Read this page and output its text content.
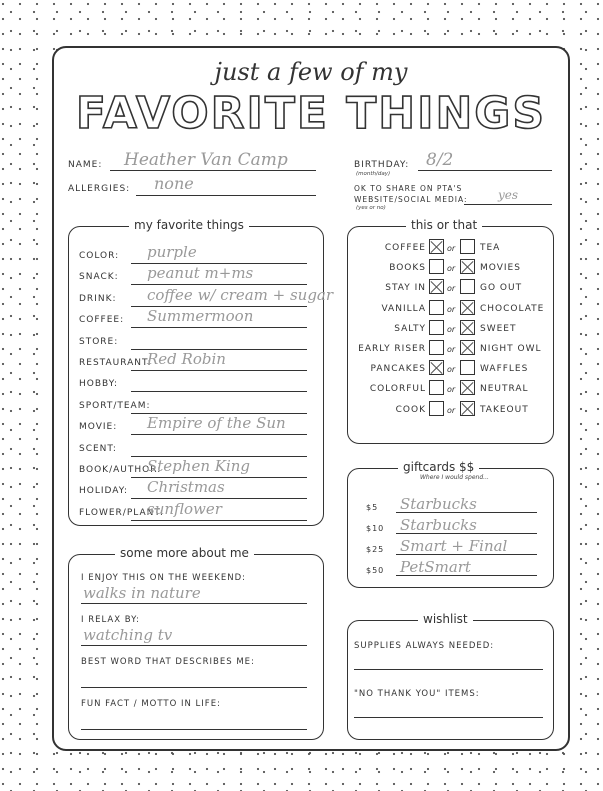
just a few of my
FAVORITE THINGS
NAME: Heather Van Camp
ALLERGIES: none
BIRTHDAY:
(month/day)
8/2
OK TO SHARE ON PTA'S
WEBSITE/SOCIAL MEDIA:
(yes or no)
yes
my favorite things
COLOR: purple
SNACK: peanut m+ms
DRINK: coffee w/ cream + sugar
COFFEE: Summermoon
STORE:
RESTAURANT:
Red Robin
HOBBY:
SPORT/TEAM:
MOVIE: Empire of the Sun
SCENT:
BOOK/AUTHOR:
Stephen King
HOLIDAY: Christmas
FLOWER/PLANT:
sunflower
this or that
COFFEE	or	TEA
BOOKS	or	MOVIES
STAY IN	or	GO OUT
VANILLA	or	CHOCOLATE
SALTY	or	SWEET
EARLY RISER	or	NIGHT OWL
PANCAKES	or	WAFFLES
COLORFUL	or	NEUTRAL
COOK	or	TAKEOUT
giftcards $$
Where I would spend...
$5 Starbucks
$10 Starbucks
$25 Smart + Final
$50 PetSmart
some more about me
I ENJOY THIS ON THE WEEKEND:
walks in nature
I RELAX BY:
watching tv
BEST WORD THAT DESCRIBES ME:
FUN FACT / MOTTO IN LIFE:
wishlist
SUPPLIES ALWAYS NEEDED:
"NO THANK YOU" ITEMS:
